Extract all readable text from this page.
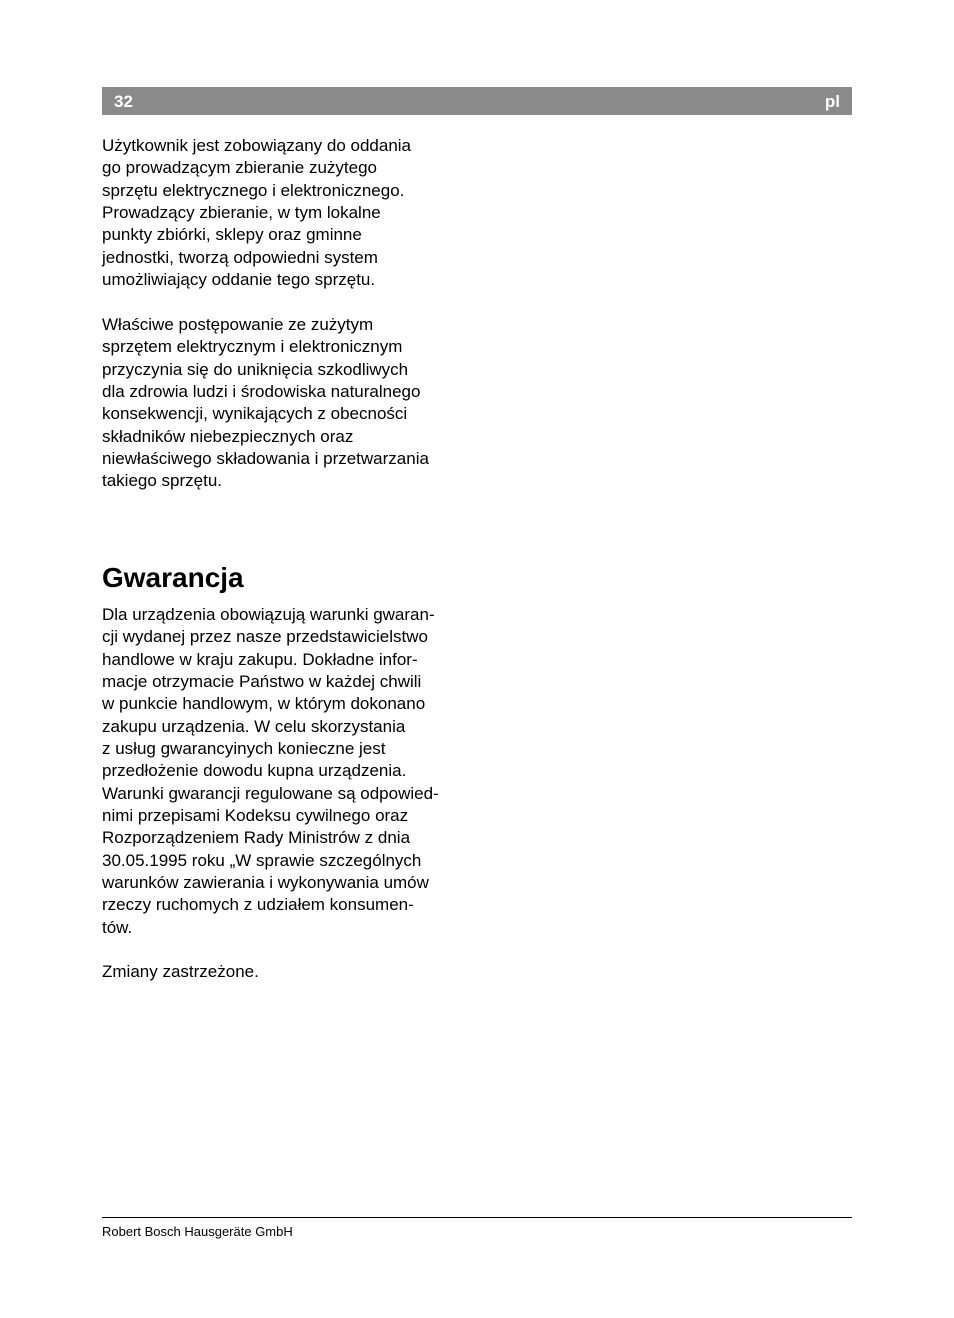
32	pl
Użytkownik jest zobowiązany do oddania
go prowadzącym zbieranie zużytego
sprzętu elektrycznego i elektronicznego.
Prowadzący zbieranie, w tym lokalne
punkty zbiórki, sklepy oraz gminne
jednostki, tworzą odpowiedni system
umożliwiający oddanie tego sprzętu.
Właściwe postępowanie ze zużytym
sprzętem elektrycznym i elektronicznym
przyczynia się do uniknięcia szkodliwych
dla zdrowia ludzi i środowiska naturalnego
konsekwencji, wynikających z obecności
składników niebezpiecznych oraz
niewłaściwego składowania i przetwarzania
takiego sprzętu.
Gwarancja
Dla urządzenia obowiązują warunki gwaran-
cji wydanej przez nasze przedstawicielstwo
handlowe w kraju zakupu. Dokładne infor-
macje otrzymacie Państwo w każdej chwili
w punkcie handlowym, w którym dokonano
zakupu urządzenia. W celu skorzystania
z usług gwarancyinych konieczne jest
przedłożenie dowodu kupna urządzenia.
Warunki gwarancji regulowane są odpowied-
nimi przepisami Kodeksu cywilnego oraz
Rozporządzeniem Rady Ministrów z dnia
30.05.1995 roku „W sprawie szczególnych
warunków zawierania i wykonywania umów
rzeczy ruchomych z udziałem konsumen-
tów.
Zmiany zastrzeżone.
Robert Bosch Hausgeräte GmbH
